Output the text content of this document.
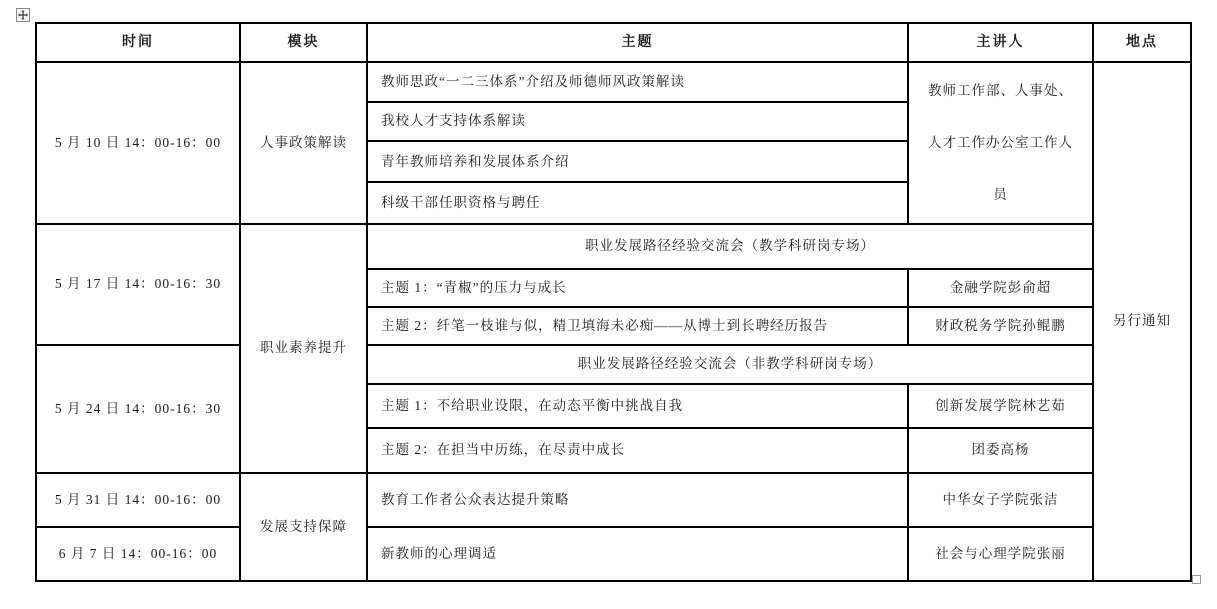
时间	模块	主题	主讲人	地点
5 月 10 日 14：00-16：00	人事政策解读	教师思政“一二三体系”介绍及师德师风政策解读	教师工作部、人事处、人才工作办公室工作人员	另行通知
		我校人才支持体系解读		
		青年教师培养和发展体系介绍		
		科级干部任职资格与聘任		
5 月 17 日 14：00-16：30	职业素养提升	职业发展路径经验交流会（教学科研岗专场）		
		主题 1：“青椒”的压力与成长	金融学院彭俞超	
		主题 2：纤笔一枝谁与似，精卫填海未必痴——从博士到长聘经历报告	财政税务学院孙鲲鹏	
5 月 24 日 14：00-16：30		职业发展路径经验交流会（非教学科研岗专场）		
		主题 1：不给职业设限，在动态平衡中挑战自我	创新发展学院林艺茹	
		主题 2：在担当中历练，在尽责中成长	团委高杨	
5 月 31 日 14：00-16：00	发展支持保障	教育工作者公众表达提升策略	中华女子学院张洁	
6 月 7 日 14：00-16：00		新教师的心理调适	社会与心理学院张丽	
